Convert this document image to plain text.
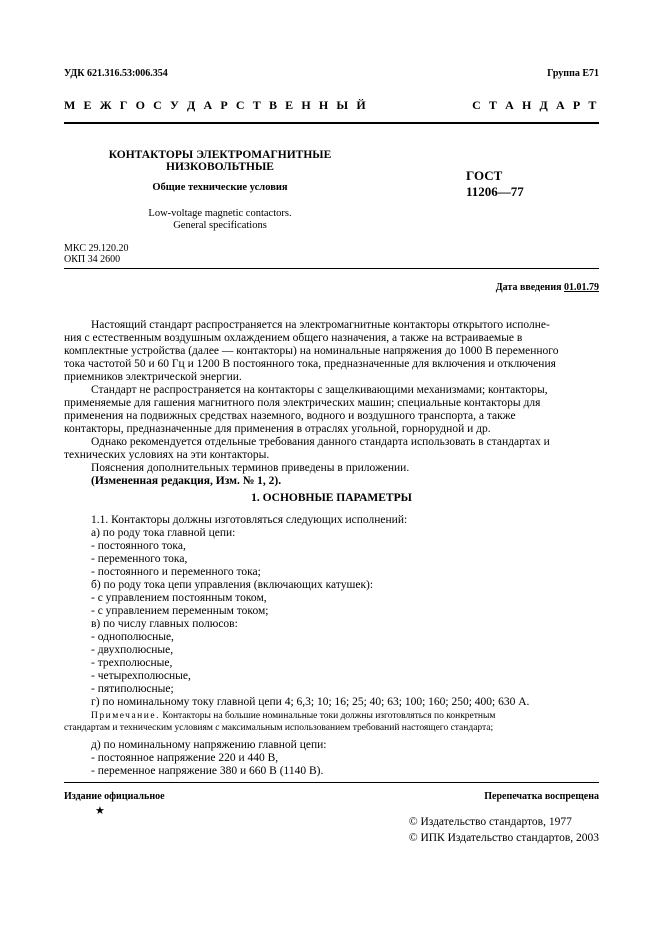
УДК 621.316.53:006.354	Группа Е71
М Е Ж Г О С У Д А Р С Т В Е Н Н Ы Й	С Т А Н Д А Р Т
КОНТАКТОРЫ ЭЛЕКТРОМАГНИТНЫЕ
НИЗКОВОЛЬТНЫЕ
Общие технические условия
Low-voltage magnetic contactors.
General specifications
ГОСТ
11206—77
МКС 29.120.20
ОКП 34 2600
Дата введения 01.01.79
Настоящий стандарт распространяется на электромагнитные контакторы открытого исполне-
ния с естественным воздушным охлаждением общего назначения, а также на встраиваемые в
комплектные устройства (далее — контакторы) на номинальные напряжения до 1000 В переменного
тока частотой 50 и 60 Гц и 1200 В постоянного тока, предназначенные для включения и отключения
приемников электрической энергии.
Стандарт не распространяется на контакторы с защелкивающими механизмами; контакторы,
применяемые для гашения магнитного поля электрических машин; специальные контакторы для
применения на подвижных средствах наземного, водного и воздушного транспорта, а также
контакторы, предназначенные для применения в отраслях угольной, горнорудной и др.
Однако рекомендуется отдельные требования данного стандарта использовать в стандартах и
технических условиях на эти контакторы.
Пояснения дополнительных терминов приведены в приложении.
(Измененная редакция, Изм. № 1, 2).
1. ОСНОВНЫЕ ПАРАМЕТРЫ
1.1. Контакторы должны изготовляться следующих исполнений:
а) по роду тока главной цепи:
- постоянного тока,
- переменного тока,
- постоянного и переменного тока;
б) по роду тока цепи управления (включающих катушек):
- с управлением постоянным током,
- с управлением переменным током;
в) по числу главных полюсов:
- однополюсные,
- двухполюсные,
- трехполюсные,
- четырехполюсные,
- пятиполюсные;
г) по номинальному току главной цепи 4; 6,3; 10; 16; 25; 40; 63; 100; 160; 250; 400; 630 А.
Примечание. Контакторы на большие номинальные токи должны изготовляться по конкретным
стандартам и техническим условиям с максимальным использованием требований настоящего стандарта;
д) по номинальному напряжению главной цепи:
- постоянное напряжение 220 и 440 В,
- переменное напряжение 380 и 660 В (1140 В).
Издание официальное	Перепечатка воспрещена
★
© Издательство стандартов, 1977
© ИПК Издательство стандартов, 2003
